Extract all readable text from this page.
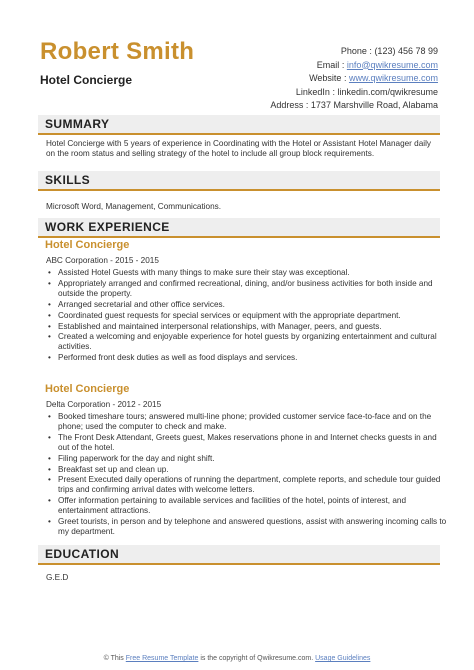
Robert Smith
Hotel Concierge
Phone : (123) 456 78 99
Email : info@qwikresume.com
Website : www.qwikresume.com
LinkedIn : linkedin.com/qwikresume
Address : 1737 Marshville Road, Alabama
SUMMARY

Hotel Concierge with 5 years of experience in Coordinating with the Hotel or Assistant Hotel Manager daily on the room status and selling strategy of the hotel to include all group block requirements.

SKILLS

Microsoft Word, Management, Communications.

WORK EXPERIENCE
Hotel Concierge

ABC Corporation - 2015 - 2015

• Assisted Hotel Guests with many things to make sure their stay was exceptional.
• Appropriately arranged and confirmed recreational, dining, and/or business activities for both inside and outside the property.
• Arranged secretarial and other office services.
• Coordinated guest requests for special services or equipment with the appropriate department.
• Established and maintained interpersonal relationships, with Manager, peers, and guests.
• Created a welcoming and enjoyable experience for hotel guests by organizing entertainment and cultural activities.
• Performed front desk duties as well as food displays and services.
Hotel Concierge

Delta Corporation - 2012 - 2015

• Booked timeshare tours; answered multi-line phone; provided customer service face-to-face and on the phone; used the computer to check and make.
• The Front Desk Attendant, Greets guest, Makes reservations phone in and Internet checks guests in and out of the hotel.
• Filing paperwork for the day and night shift.
• Breakfast set up and clean up.
• Present Executed daily operations of running the department, complete reports, and schedule tour guided trips and confirming arrival dates with welcome letters.
• Offer information pertaining to available services and facilities of the hotel, points of interest, and entertainment attractions.
• Greet tourists, in person and by telephone and answered questions, assist with answering incoming calls to my department.
EDUCATION

G.E.D

© This Free Resume Template is the copyright of Qwikresume.com. Usage Guidelines
